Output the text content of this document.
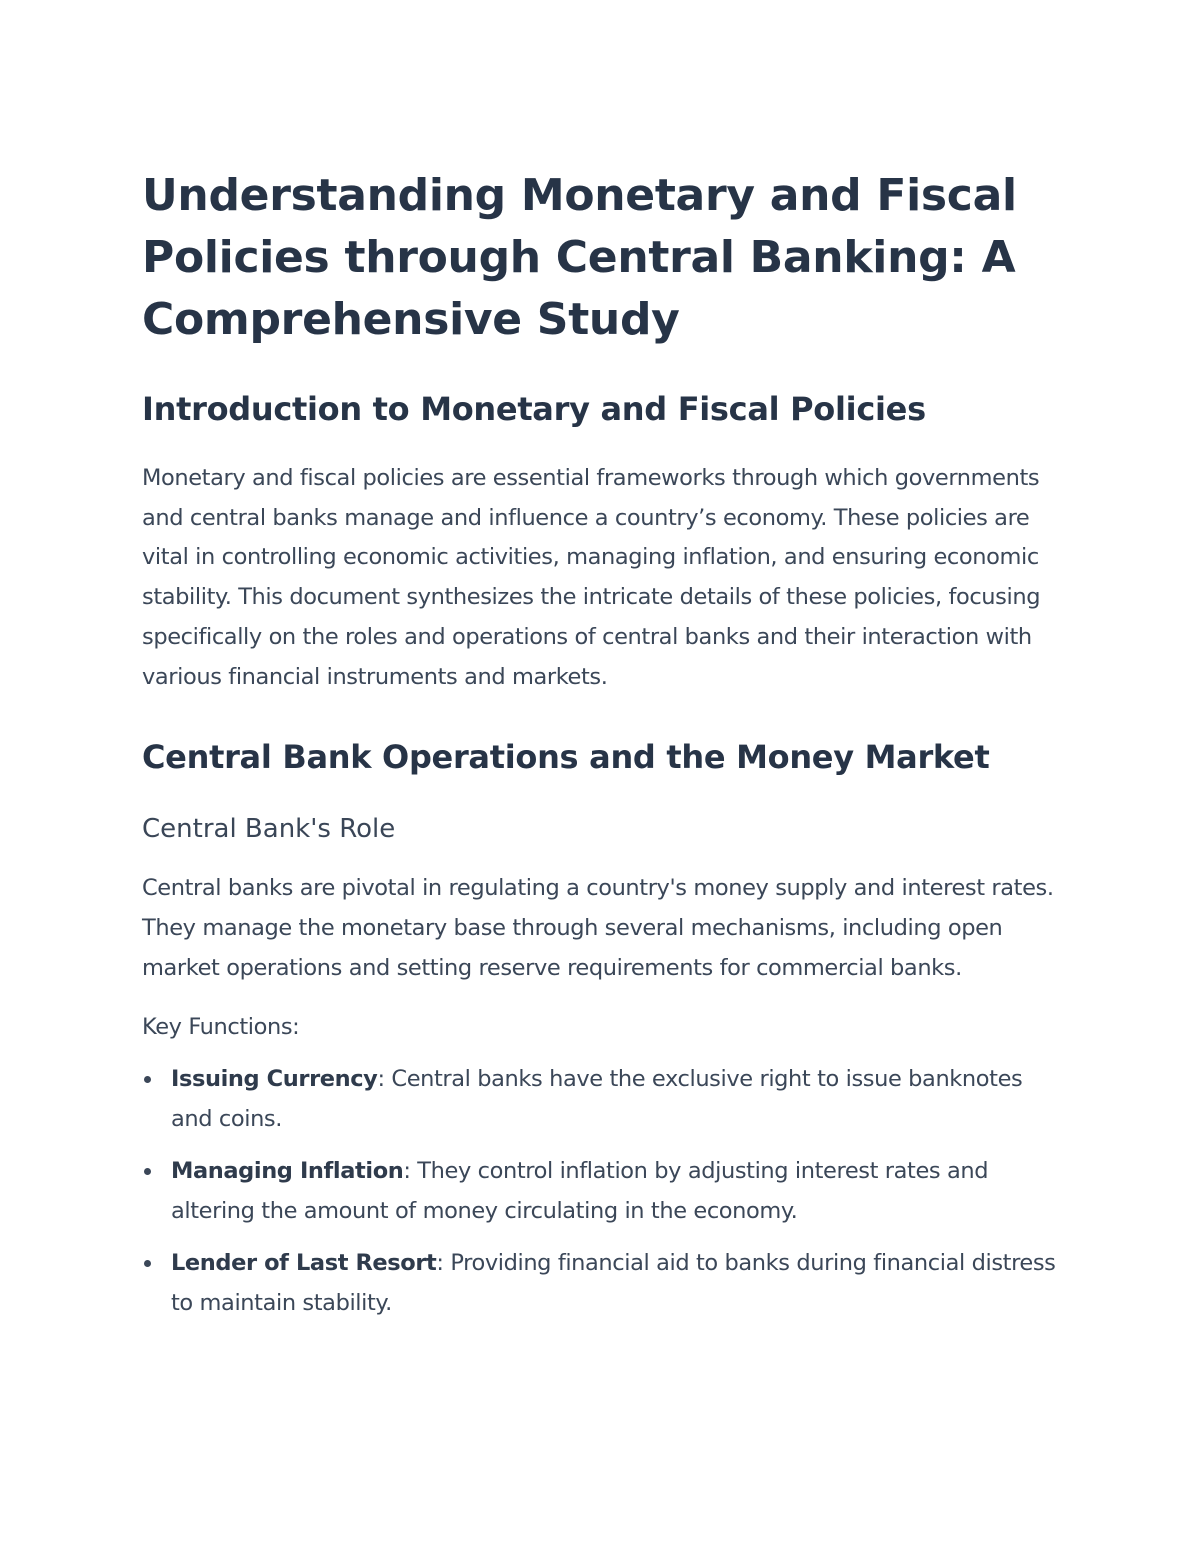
Understanding Monetary and Fiscal Policies through Central Banking: A Comprehensive Study
Introduction to Monetary and Fiscal Policies

Monetary and fiscal policies are essential frameworks through which governments and central banks manage and influence a country’s economy. These policies are vital in controlling economic activities, managing inflation, and ensuring economic stability. This document synthesizes the intricate details of these policies, focusing specifically on the roles and operations of central banks and their interaction with various financial instruments and markets.

Central Bank Operations and the Money Market
Central Bank's Role

Central banks are pivotal in regulating a country's money supply and interest rates. They manage the monetary base through several mechanisms, including open market operations and setting reserve requirements for commercial banks.

Key Functions:

Issuing Currency: Central banks have the exclusive right to issue banknotes and coins.
Managing Inflation: They control inflation by adjusting interest rates and altering the amount of money circulating in the economy.
Lender of Last Resort: Providing financial aid to banks during financial distress to maintain stability.
